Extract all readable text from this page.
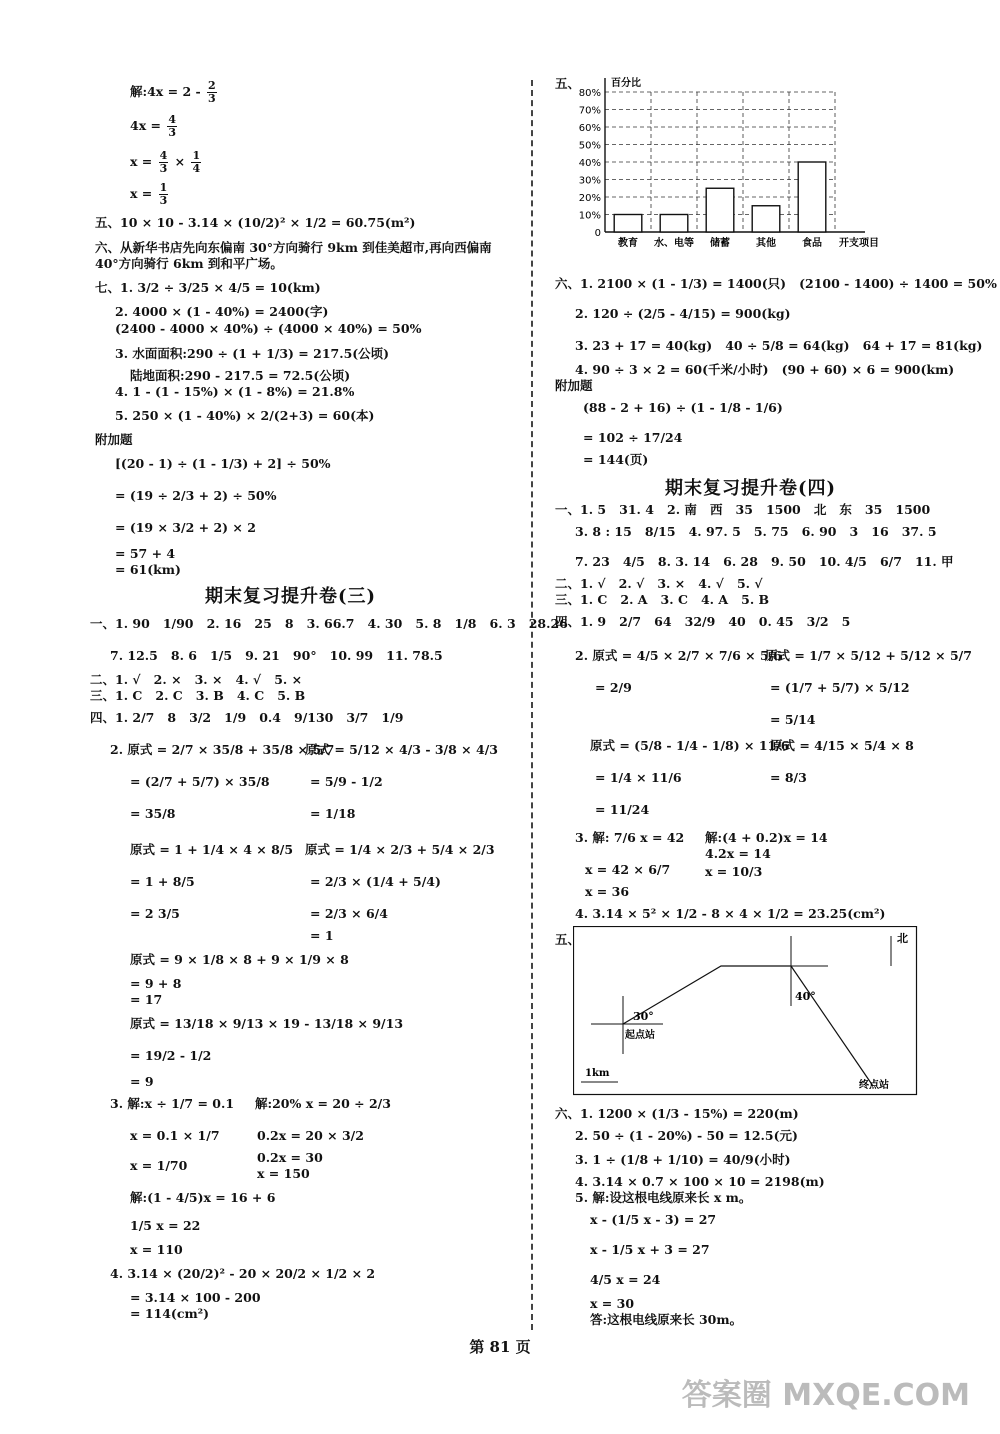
解:4x = $2 - \frac{2}{3}$
$4x = \frac{4}{3}$
$x = \frac{4}{3} \times \frac{1}{4}$
$x = \frac{1}{3}$
五、10 × 10 - 3.14 × (10/2)² × 1/2 = 60.75(m²)
六、从新华书店先向东偏南 30°方向骑行 9km 到佳美超市,再向西偏南
40°方向骑行 6km 到和平广场。
七、1. 3/2 ÷ 3/25 × 4/5 = 10(km)
2. 4000 × (1 - 40%) = 2400(字)
(2400 - 4000 × 40%) ÷ (4000 × 40%) = 50%
3. 水面面积:290 ÷ (1 + 1/3) = 217.5(公顷)
陆地面积:290 - 217.5 = 72.5(公顷)
4. 1 - (1 - 15%) × (1 - 8%) = 21.8%
5. 250 × (1 - 40%) × 2/(2+3) = 60(本)
附加题
[(20 - 1) ÷ (1 - 1/3) + 2] ÷ 50%
= (19 ÷ 2/3 + 2) ÷ 50%
= (19 × 3/2 + 2) × 2
= 57 + 4
= 61(km)
期末复习提升卷(三)
一、1. 90   1/90   2. 16   25   8   3. 66.7   4. 30   5. 8   1/8   6. 3   28.26
7. 12.5   8. 6   1/5   9. 21   90°   10. 99   11. 78.5
二、1. √   2. ×   3. ×   4. √   5. ×
三、1. C   2. C   3. B   4. C   5. B
四、1. 2/7   8   3/2   1/9   0.4   9/130   3/7   1/9
2. 原式 = 2/7 × 35/8 + 35/8 × 5/7
原式 = 5/12 × 4/3 - 3/8 × 4/3
= (2/7 + 5/7) × 35/8	= 5/9 - 1/2
= 35/8	= 1/18
原式 = 1 + 1/4 × 4 × 8/5 原式 = 1/4 × 2/3 + 5/4 × 2/3
= 1 + 8/5	= 2/3 × (1/4 + 5/4)
= 2 3/5	= 2/3 × 6/4
= 1
原式 = 9 × 1/8 × 8 + 9 × 1/9 × 8
= 9 + 8
= 17
原式 = 13/18 × 9/13 × 19 - 13/18 × 9/13
= 19/2 - 1/2
= 9
3. 解:x ÷ 1/7 = 0.1 解:20% x = 20 ÷ 2/3
x = 0.1 × 1/7	0.2x = 20 × 3/2
x = 1/70
0.2x = 30
x = 150
解:(1 - 4/5)x = 16 + 6
1/5 x = 22
x = 110
4. 3.14 × (20/2)² - 20 × 20/2 × 1/2 × 2
= 3.14 × 100 - 200
= 114(cm²)
五、
0
10%
20%
30%
40%
50%
60%
70%
80%
百分比
开支项目
教育 水、电等 储蓄	其他	食品
六、1. 2100 × (1 - 1/3) = 1400(只)   (2100 - 1400) ÷ 1400 = 50%
2. 120 ÷ (2/5 - 4/15) = 900(kg)
3. 23 + 17 = 40(kg)   40 ÷ 5/8 = 64(kg)   64 + 17 = 81(kg)
4. 90 ÷ 3 × 2 = 60(千米/小时)   (90 + 60) × 6 = 900(km)
附加题
(88 - 2 + 16) ÷ (1 - 1/8 - 1/6)
= 102 ÷ 17/24
= 144(页)
期末复习提升卷(四)
一、1. 5   31. 4   2. 南   西   35   1500   北   东   35   1500
3. 8 : 15   8/15   4. 97. 5   5. 75   6. 90   3   16   37. 5
7. 23   4/5   8. 3. 14   6. 28   9. 50   10. 4/5   6/7   11. 甲
二、1. √   2. √   3. ×   4. √   5. √
三、1. C   2. A   3. C   4. A   5. B
四、1. 9   2/7   64   32/9   40   0. 45   3/2   5
2. 原式 = 4/5 × 2/7 × 7/6 × 5/6
原式 = 1/7 × 5/12 + 5/12 × 5/7
= 2/9	= (1/7 + 5/7) × 5/12
= 5/14
原式 = (5/8 - 1/4 - 1/8) × 11/6
原式 = 4/15 × 5/4 × 8
= 1/4 × 11/6	= 8/3
= 11/24
3. 解: 7/6 x = 42 解:(4 + 0.2)x = 14
4.2x = 14
x = 42 × 6/7	x = 10/3
x = 36
4. 3.14 × 5² × 1/2 - 8 × 4 × 1/2 = 23.25(cm²)
五、	北
30°
40°
起点站
终点站
1km
六、1. 1200 × (1/3 - 15%) = 220(m)
2. 50 ÷ (1 - 20%) - 50 = 12.5(元)
3. 1 ÷ (1/8 + 1/10) = 40/9(小时)
4. 3.14 × 0.7 × 100 × 10 = 2198(m)
5. 解:设这根电线原来长 x m。
x - (1/5 x - 3) = 27
x - 1/5 x + 3 = 27
4/5 x = 24
x = 30
答:这根电线原来长 30m。
第 81 页
答案圈 MXQE.COM
